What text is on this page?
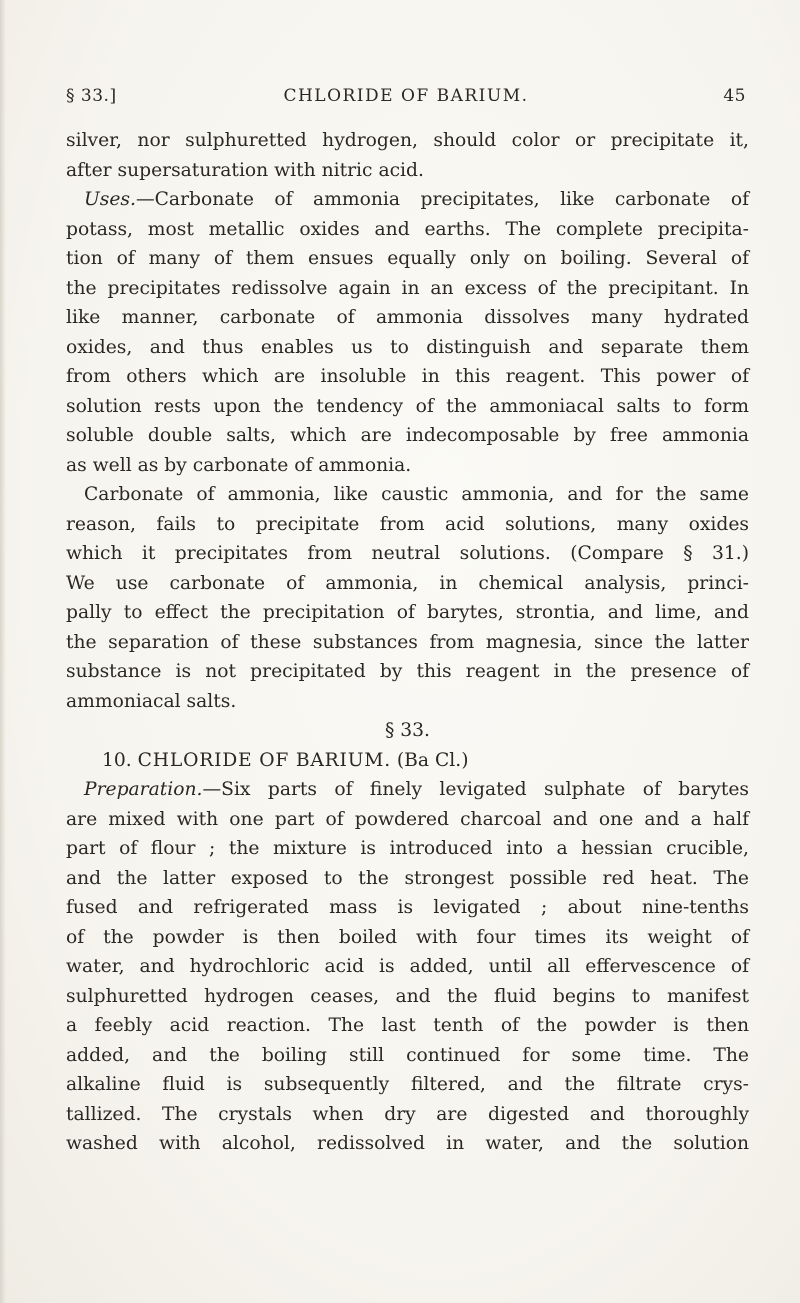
§ 33.]	CHLORIDE OF BARIUM.	45
silver, nor sulphuretted hydrogen, should color or precipitate it,
after supersaturation with nitric acid.
Uses.—Carbonate of ammonia precipitates, like carbonate of
potass, most metallic oxides and earths. The complete precipita-
tion of many of them ensues equally only on boiling. Several of
the precipitates redissolve again in an excess of the precipitant. In
like manner, carbonate of ammonia dissolves many hydrated
oxides, and thus enables us to distinguish and separate them
from others which are insoluble in this reagent. This power of
solution rests upon the tendency of the ammoniacal salts to form
soluble double salts, which are indecomposable by free ammonia
as well as by carbonate of ammonia.
Carbonate of ammonia, like caustic ammonia, and for the same
reason, fails to precipitate from acid solutions, many oxides
which it precipitates from neutral solutions. (Compare § 31.)
We use carbonate of ammonia, in chemical analysis, princi-
pally to effect the precipitation of barytes, strontia, and lime, and
the separation of these substances from magnesia, since the latter
substance is not precipitated by this reagent in the presence of
ammoniacal salts.
§ 33.
10. CHLORIDE OF BARIUM. (Ba Cl.)
Preparation.—Six parts of finely levigated sulphate of barytes
are mixed with one part of powdered charcoal and one and a half
part of flour ; the mixture is introduced into a hessian crucible,
and the latter exposed to the strongest possible red heat. The
fused and refrigerated mass is levigated ; about nine-tenths
of the powder is then boiled with four times its weight of
water, and hydrochloric acid is added, until all effervescence of
sulphuretted hydrogen ceases, and the fluid begins to manifest
a feebly acid reaction. The last tenth of the powder is then
added, and the boiling still continued for some time. The
alkaline fluid is subsequently filtered, and the filtrate crys-
tallized. The crystals when dry are digested and thoroughly
washed with alcohol, redissolved in water, and the solution
